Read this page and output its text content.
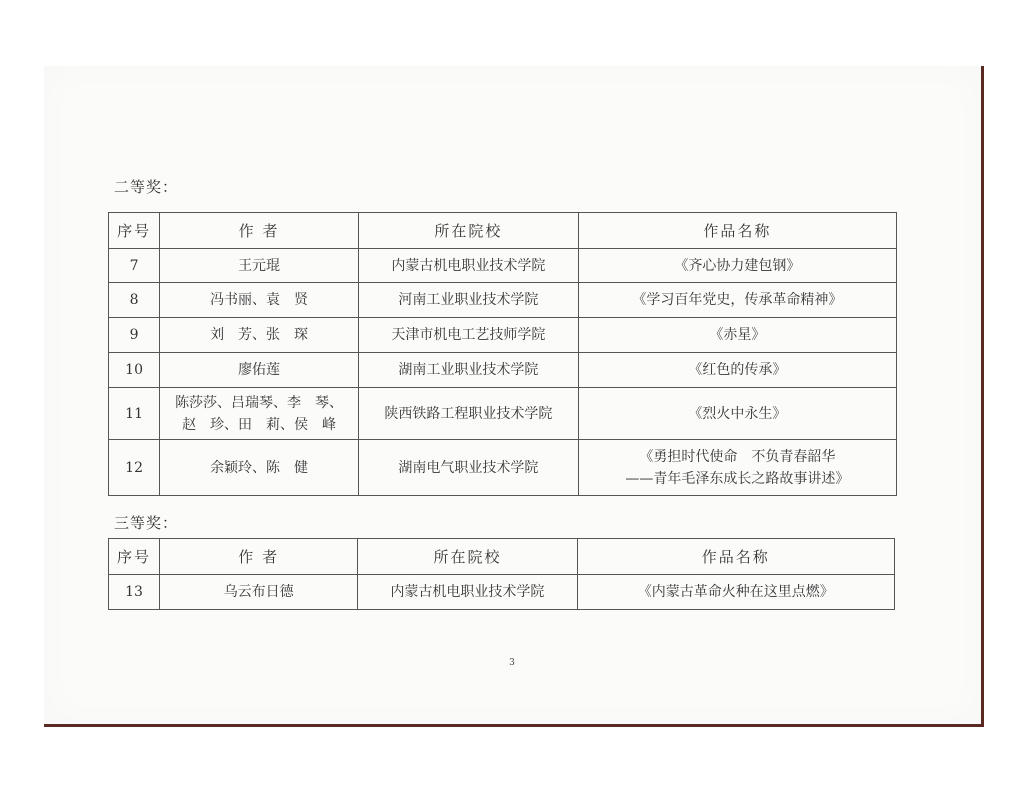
二等奖：
序号	作 者	所在院校	作品名称
7	王元琨	内蒙古机电职业技术学院	《齐心协力建包钢》

8	冯书丽、袁　贤	河南工业职业技术学院	《学习百年党史，传承革命精神》

9	刘　芳、张　琛	天津市机电工艺技师学院	《赤星》

10	廖佑莲	湖南工业职业技术学院	《红色的传承》

11	陈莎莎、吕瑞琴、李　琴、
赵　珍、田　莉、侯　峰	陕西铁路工程职业技术学院	《烈火中永生》

12	余颖玲、陈　健	湖南电气职业技术学院	《勇担时代使命　不负青春韶华
——青年毛泽东成长之路故事讲述》
三等奖：
序号	作 者	所在院校	作品名称
13	乌云布日德	内蒙古机电职业技术学院	《内蒙古革命火种在这里点燃》
3
